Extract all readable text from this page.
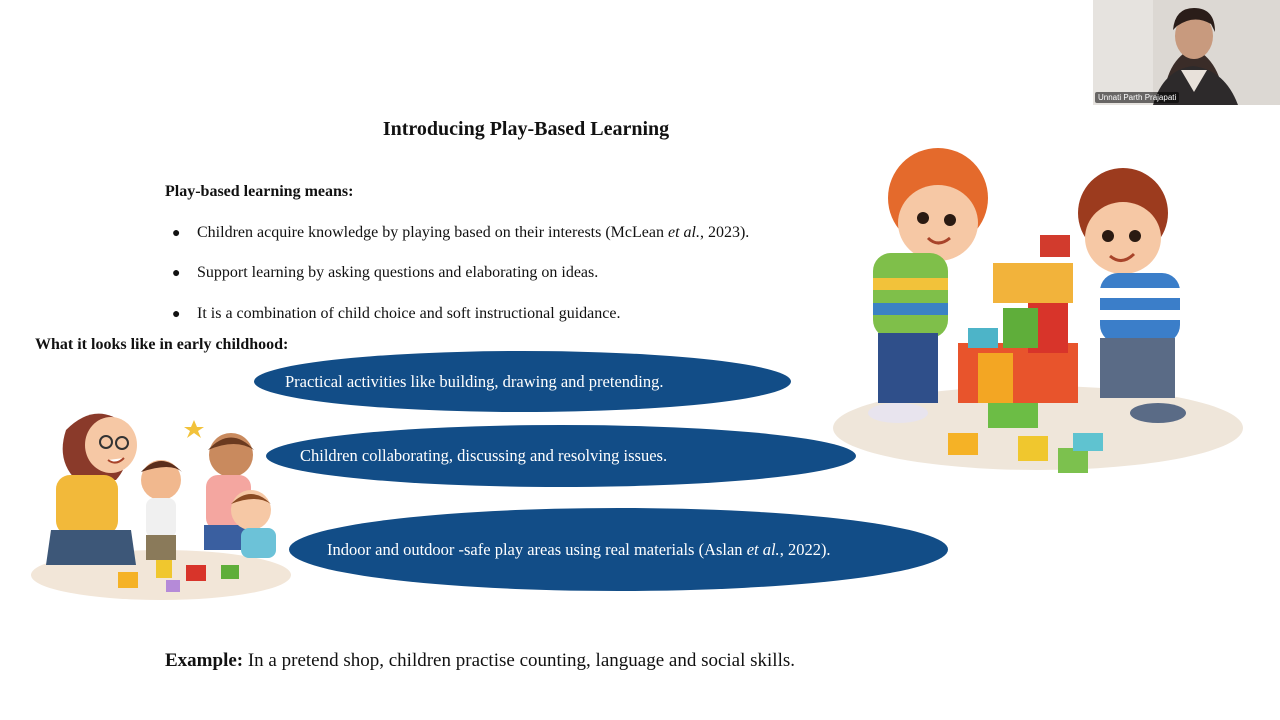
Unnati Parth Prajapati
Introducing Play-Based Learning
Play-based learning means:
●	Children acquire knowledge by playing based on their interests (McLean et al., 2023).
●	Support learning by asking questions and elaborating on ideas.
●	It is a combination of child choice and soft instructional guidance.
What it looks like in early childhood:
Practical activities like building, drawing and pretending.
Children collaborating, discussing and resolving issues.
Indoor and outdoor -safe play areas using real materials (Aslan et al., 2022).
Example: In a pretend shop, children practise counting, language and social skills.
